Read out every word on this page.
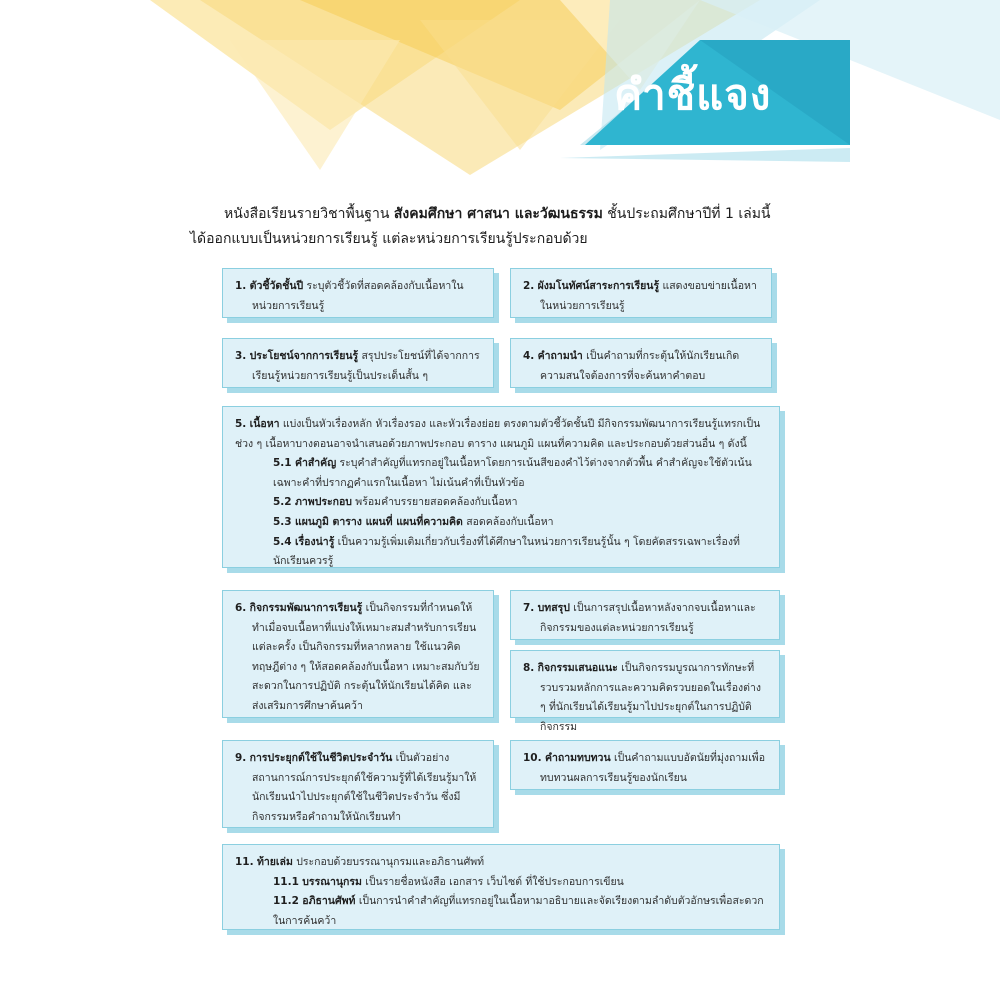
คำชี้แจง

หนังสือเรียนรายวิชาพื้นฐาน สังคมศึกษา ศาสนา และวัฒนธรรม ชั้นประถมศึกษาปีที่ 1 เล่มนี้

ได้ออกแบบเป็นหน่วยการเรียนรู้ แต่ละหน่วยการเรียนรู้ประกอบด้วย

1. ตัวชี้วัดชั้นปี ระบุตัวชี้วัดที่สอดคล้องกับเนื้อหาในหน่วยการเรียนรู้

2. ผังมโนทัศน์สาระการเรียนรู้ แสดงขอบข่ายเนื้อหาในหน่วยการเรียนรู้

3. ประโยชน์จากการเรียนรู้ สรุปประโยชน์ที่ได้จากการเรียนรู้หน่วยการเรียนรู้เป็นประเด็นสั้น ๆ

4. คำถามนำ เป็นคำถามที่กระตุ้นให้นักเรียนเกิดความสนใจต้องการที่จะค้นหาคำตอบ

5. เนื้อหา แบ่งเป็นหัวเรื่องหลัก หัวเรื่องรอง และหัวเรื่องย่อย ตรงตามตัวชี้วัดชั้นปี มีกิจกรรมพัฒนาการเรียนรู้แทรกเป็นช่วง ๆ เนื้อหาบางตอนอาจนำเสนอด้วยภาพประกอบ ตาราง แผนภูมิ แผนที่ความคิด และประกอบด้วยส่วนอื่น ๆ ดังนี้

5.1 คำสำคัญ ระบุคำสำคัญที่แทรกอยู่ในเนื้อหาโดยการเน้นสีของคำไว้ต่างจากตัวพื้น คำสำคัญจะใช้ตัวเน้นเฉพาะคำที่ปรากฏคำแรกในเนื้อหา ไม่เน้นคำที่เป็นหัวข้อ

5.2 ภาพประกอบ พร้อมคำบรรยายสอดคล้องกับเนื้อหา

5.3 แผนภูมิ ตาราง แผนที่ แผนที่ความคิด สอดคล้องกับเนื้อหา

5.4 เรื่องน่ารู้ เป็นความรู้เพิ่มเติมเกี่ยวกับเรื่องที่ได้ศึกษาในหน่วยการเรียนรู้นั้น ๆ โดยคัดสรรเฉพาะเรื่องที่นักเรียนควรรู้

6. กิจกรรมพัฒนาการเรียนรู้ เป็นกิจกรรมที่กำหนดให้ทำเมื่อจบเนื้อหาที่แบ่งให้เหมาะสมสำหรับการเรียนแต่ละครั้ง เป็นกิจกรรมที่หลากหลาย ใช้แนวคิดทฤษฎีต่าง ๆ ให้สอดคล้องกับเนื้อหา เหมาะสมกับวัย สะดวกในการปฏิบัติ กระตุ้นให้นักเรียนได้คิด และส่งเสริมการศึกษาค้นคว้า

7. บทสรุป เป็นการสรุปเนื้อหาหลังจากจบเนื้อหาและกิจกรรมของแต่ละหน่วยการเรียนรู้

8. กิจกรรมเสนอแนะ เป็นกิจกรรมบูรณาการทักษะที่รวบรวมหลักการและความคิดรวบยอดในเรื่องต่าง ๆ ที่นักเรียนได้เรียนรู้มาไปประยุกต์ในการปฏิบัติกิจกรรม

9. การประยุกต์ใช้ในชีวิตประจำวัน เป็นตัวอย่างสถานการณ์การประยุกต์ใช้ความรู้ที่ได้เรียนรู้มาให้นักเรียนนำไปประยุกต์ใช้ในชีวิตประจำวัน ซึ่งมีกิจกรรมหรือคำถามให้นักเรียนทำ

10. คำถามทบทวน เป็นคำถามแบบอัตนัยที่มุ่งถามเพื่อทบทวนผลการเรียนรู้ของนักเรียน

11. ท้ายเล่ม ประกอบด้วยบรรณานุกรมและอภิธานศัพท์

11.1 บรรณานุกรม เป็นรายชื่อหนังสือ เอกสาร เว็บไซต์ ที่ใช้ประกอบการเขียน

11.2 อภิธานศัพท์ เป็นการนำคำสำคัญที่แทรกอยู่ในเนื้อหามาอธิบายและจัดเรียงตามลำดับตัวอักษรเพื่อสะดวกในการค้นคว้า
